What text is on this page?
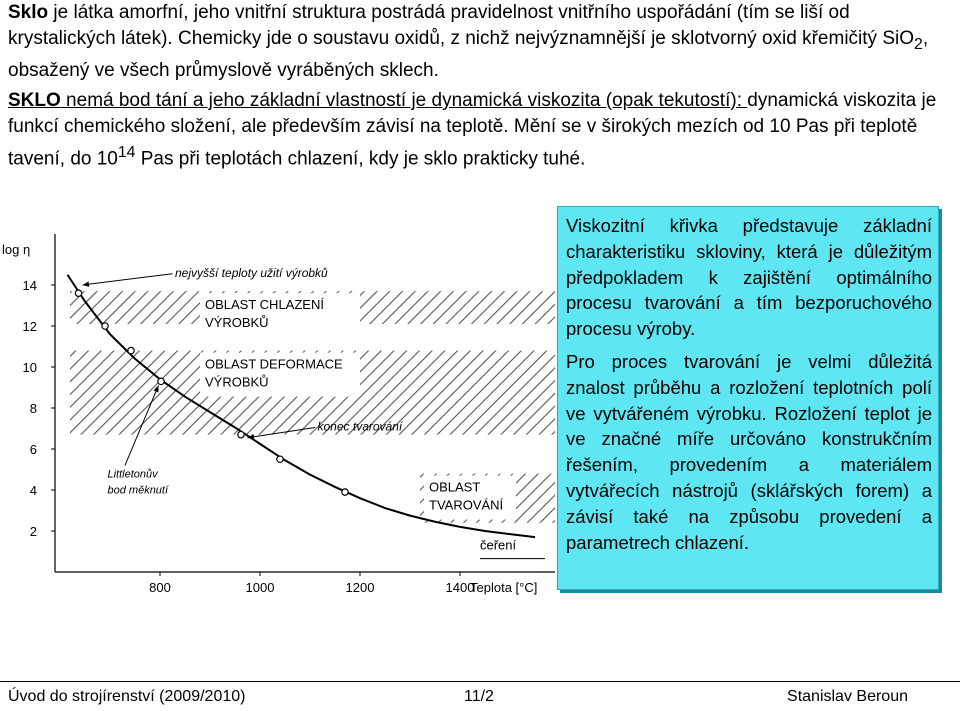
Sklo je látka amorfní, jeho vnitřní struktura postrádá pravidelnost vnitřního uspořádání (tím se liší od krystalických látek). Chemicky jde o soustavu oxidů, z nichž nejvýznamnější je sklotvorný oxid křemičitý SiO$_2$, obsažený ve všech průmyslově vyráběných sklech.
SKLO nemá bod tání a jeho základní vlastností je dynamická viskozita (opak tekutostí): dynamická viskozita je funkcí chemického složení, ale především závisí na teplotě. Mění se v širokých mezích od 10 Pas při teplotě tavení, do $10^{14}$ Pas při teplotách chlazení, kdy je sklo prakticky tuhé.
OBLAST CHLAZENÍ
VÝROBKŮ
OBLAST DEFORMACE
VÝROBKŮ
OBLAST
TVAROVÁNÍ
2
4
6
8
10
12
14
800	1000	1200	1400
log η
Teplota [°C]
nejvyšší teploty užití výrobků
konec tvarování
Littletonův
bod měknutí
čeření

Viskozitní křivka představuje základní charakteristiku skloviny, která je důležitým předpokladem k zajištění optimálního procesu tvarování a tím bezporuchového procesu výroby.

Pro proces tvarování je velmi důležitá znalost průběhu a rozložení teplotních polí ve vytvářeném výrobku. Rozložení teplot je ve značné míře určováno konstrukčním řešením, provedením a materiálem vytvářecích nástrojů (sklářských forem) a závisí také na způsobu provedení a parametrech chlazení.

Úvod do strojírenství (2009/2010)	11/2	Stanislav Beroun
